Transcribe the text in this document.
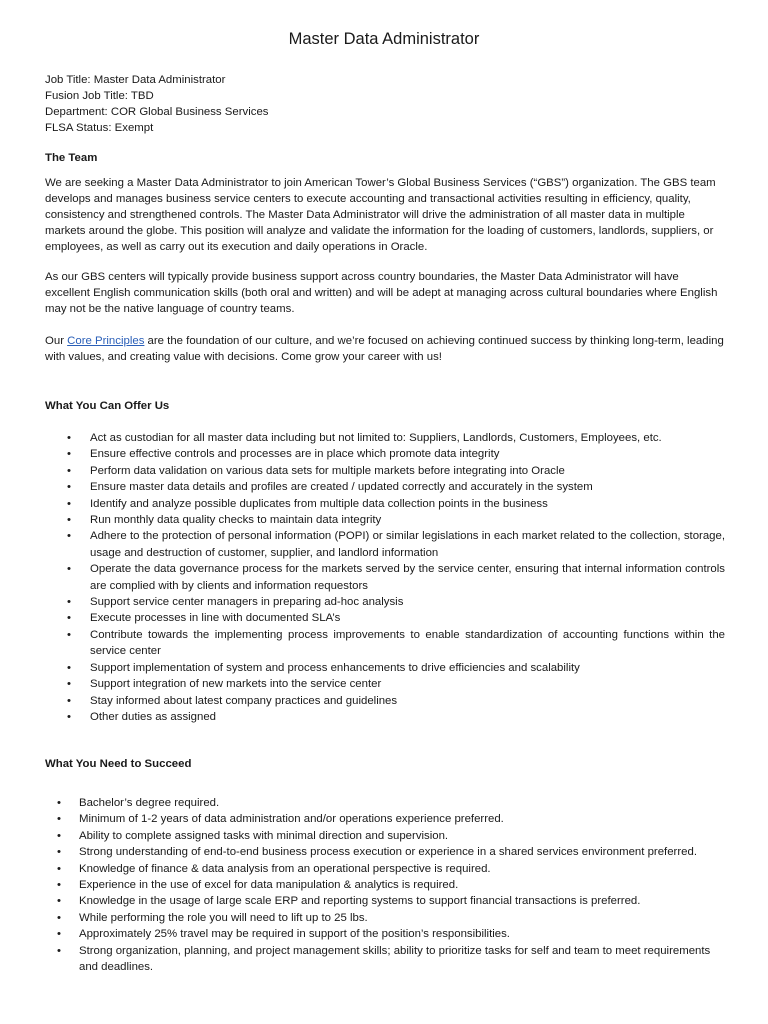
Master Data Administrator
Job Title: Master Data Administrator
Fusion Job Title: TBD
Department: COR Global Business Services
FLSA Status: Exempt
The Team

We are seeking a Master Data Administrator to join American Tower’s Global Business Services (“GBS”) organization. The GBS team develops and manages business service centers to execute accounting and transactional activities resulting in efficiency, quality, consistency and strengthened controls. The Master Data Administrator will drive the administration of all master data in multiple markets around the globe. This position will analyze and validate the information for the loading of customers, landlords, suppliers, or employees, as well as carry out its execution and daily operations in Oracle.

As our GBS centers will typically provide business support across country boundaries, the Master Data Administrator will have excellent English communication skills (both oral and written) and will be adept at managing across cultural boundaries where English may not be the native language of country teams.

Our Core Principles are the foundation of our culture, and we’re focused on achieving continued success by thinking long-term, leading with values, and creating value with decisions. Come grow your career with us!

What You Can Offer Us
• Act as custodian for all master data including but not limited to: Suppliers, Landlords, Customers, Employees, etc.
• Ensure effective controls and processes are in place which promote data integrity
• Perform data validation on various data sets for multiple markets before integrating into Oracle
• Ensure master data details and profiles are created / updated correctly and accurately in the system
• Identify and analyze possible duplicates from multiple data collection points in the business
• Run monthly data quality checks to maintain data integrity
• Adhere to the protection of personal information (POPI) or similar legislations in each market related to the collection, storage, usage and destruction of customer, supplier, and landlord information
• Operate the data governance process for the markets served by the service center, ensuring that internal information controls are complied with by clients and information requestors
• Support service center managers in preparing ad-hoc analysis
• Execute processes in line with documented SLA’s
• Contribute towards the implementing process improvements to enable standardization of accounting functions within the service center
• Support implementation of system and process enhancements to drive efficiencies and scalability
• Support integration of new markets into the service center
• Stay informed about latest company practices and guidelines
• Other duties as assigned
What You Need to Succeed
• Bachelor’s degree required.
• Minimum of 1-2 years of data administration and/or operations experience preferred.
• Ability to complete assigned tasks with minimal direction and supervision.
• Strong understanding of end-to-end business process execution or experience in a shared services environment preferred.
• Knowledge of finance & data analysis from an operational perspective is required.
• Experience in the use of excel for data manipulation & analytics is required.
• Knowledge in the usage of large scale ERP and reporting systems to support financial transactions is preferred.
• While performing the role you will need to lift up to 25 lbs.
• Approximately 25% travel may be required in support of the position’s responsibilities.
• Strong organization, planning, and project management skills; ability to prioritize tasks for self and team to meet requirements and deadlines.
